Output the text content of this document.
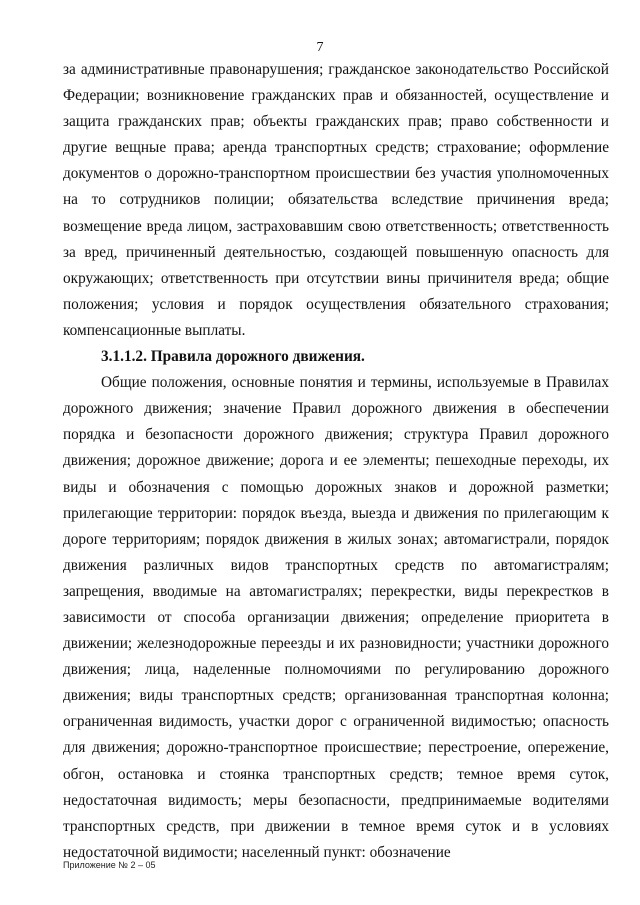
7

за административные правонарушения; гражданское законодательство Российской Федерации; возникновение гражданских прав и обязанностей, осуществление и защита гражданских прав; объекты гражданских прав; право собственности и другие вещные права; аренда транспортных средств; страхование; оформление документов о дорожно-транспортном происшествии без участия уполномоченных на то сотрудников полиции; обязательства вследствие причинения вреда; возмещение вреда лицом, застраховавшим свою ответственность; ответственность за вред, причиненный деятельностью, создающей повышенную опасность для окружающих; ответственность при отсутствии вины причинителя вреда; общие положения; условия и порядок осуществления обязательного страхования; компенсационные выплаты.

3.1.1.2. Правила дорожного движения.

Общие положения, основные понятия и термины, используемые в Правилах дорожного движения; значение Правил дорожного движения в обеспечении порядка и безопасности дорожного движения; структура Правил дорожного движения; дорожное движение; дорога и ее элементы; пешеходные переходы, их виды и обозначения с помощью дорожных знаков и дорожной разметки; прилегающие территории: порядок въезда, выезда и движения по прилегающим к дороге территориям; порядок движения в жилых зонах; автомагистрали, порядок движения различных видов транспортных средств по автомагистралям; запрещения, вводимые на автомагистралях; перекрестки, виды перекрестков в зависимости от способа организации движения; определение приоритета в движении; железнодорожные переезды и их разновидности; участники дорожного движения; лица, наделенные полномочиями по регулированию дорожного движения; виды транспортных средств; организованная транспортная колонна; ограниченная видимость, участки дорог с ограниченной видимостью; опасность для движения; дорожно-транспортное происшествие; перестроение, опережение, обгон, остановка и стоянка транспортных средств; темное время суток, недостаточная видимость; меры безопасности, предпринимаемые водителями транспортных средств, при движении в темное время суток и в условиях недостаточной видимости; населенный пункт: обозначение

Приложение № 2 – 05
